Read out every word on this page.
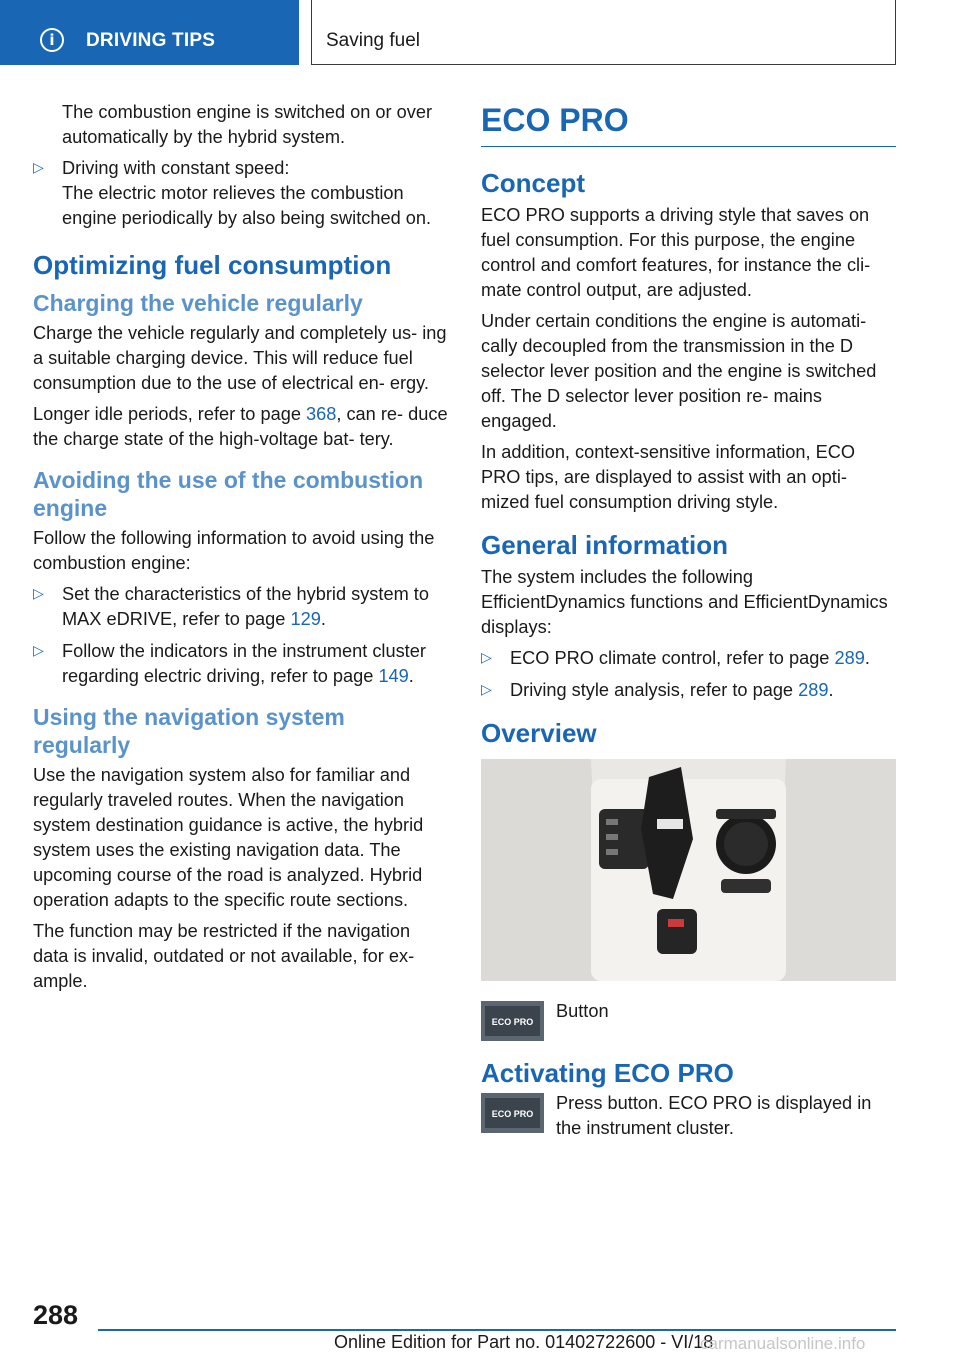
i	DRIVING TIPS	Saving fuel

The combustion engine is switched on or over automatically by the hybrid system.

▷ Driving with constant speed:

The electric motor relieves the combustion engine periodically by also being switched on.

Optimizing fuel consumption
Charging the vehicle regularly

Charge the vehicle regularly and completely us- ing a suitable charging device. This will reduce fuel consumption due to the use of electrical en- ergy.

Longer idle periods, refer to page 368, can re- duce the charge state of the high-voltage bat- tery.

Avoiding the use of the combustion engine

Follow the following information to avoid using the combustion engine:

▷ Set the characteristics of the hybrid system to MAX eDRIVE, refer to page 129.
▷ Follow the indicators in the instrument cluster regarding electric driving, refer to page 149.
Using the navigation system regularly

Use the navigation system also for familiar and regularly traveled routes. When the navigation system destination guidance is active, the hybrid system uses the existing navigation data. The upcoming course of the road is analyzed. Hybrid operation adapts to the specific route sections.

The function may be restricted if the navigation data is invalid, outdated or not available, for ex- ample.

ECO PRO
Concept

ECO PRO supports a driving style that saves on fuel consumption. For this purpose, the engine control and comfort features, for instance the cli- mate control output, are adjusted.

Under certain conditions the engine is automati- cally decoupled from the transmission in the D selector lever position and the engine is switched off. The D selector lever position re- mains engaged.

In addition, context-sensitive information, ECO PRO tips, are displayed to assist with an opti- mized fuel consumption driving style.

General information

The system includes the following EfficientDynamics functions and EfficientDynamics displays:

▷ ECO PRO climate control, refer to page 289.
▷ Driving style analysis, refer to page 289.
Overview
ECO PRO

Button

Activating ECO PRO
ECO PRO

Press button. ECO PRO is displayed in the instrument cluster.

288
Online Edition for Part no. 01402722600 - VI/18
carmanualsonline.info
